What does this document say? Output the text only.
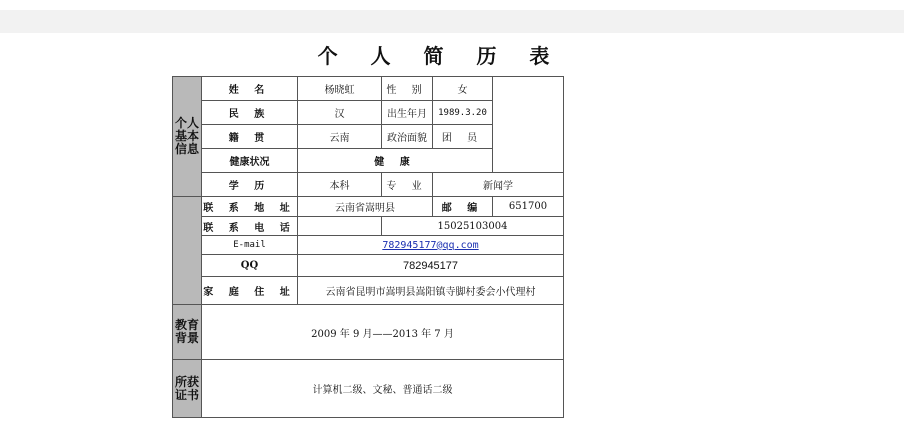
个 人 简 历 表
个人基本信息	姓 名	杨晓虹	性 别	女	
	民 族	汉	出生年月	1989.3.20	
	籍 贯	云南	政治面貌	团 员	
	健康状况	健 康			
	学 历	本科	专 业	新闻学	
	联 系 地 址	云南省嵩明县		邮 编	651700
	联 系 电 话		15025103004		
	E-mail	782945177@qq.com			
	QQ	782945177			
	家 庭 住 址	云南省昆明市嵩明县嵩阳镇寺脚村委会小代理村			

教育背景	2009 年 9 月——2013 年 7 月				

所获证书	计算机二级、文秘、普通话二级				
